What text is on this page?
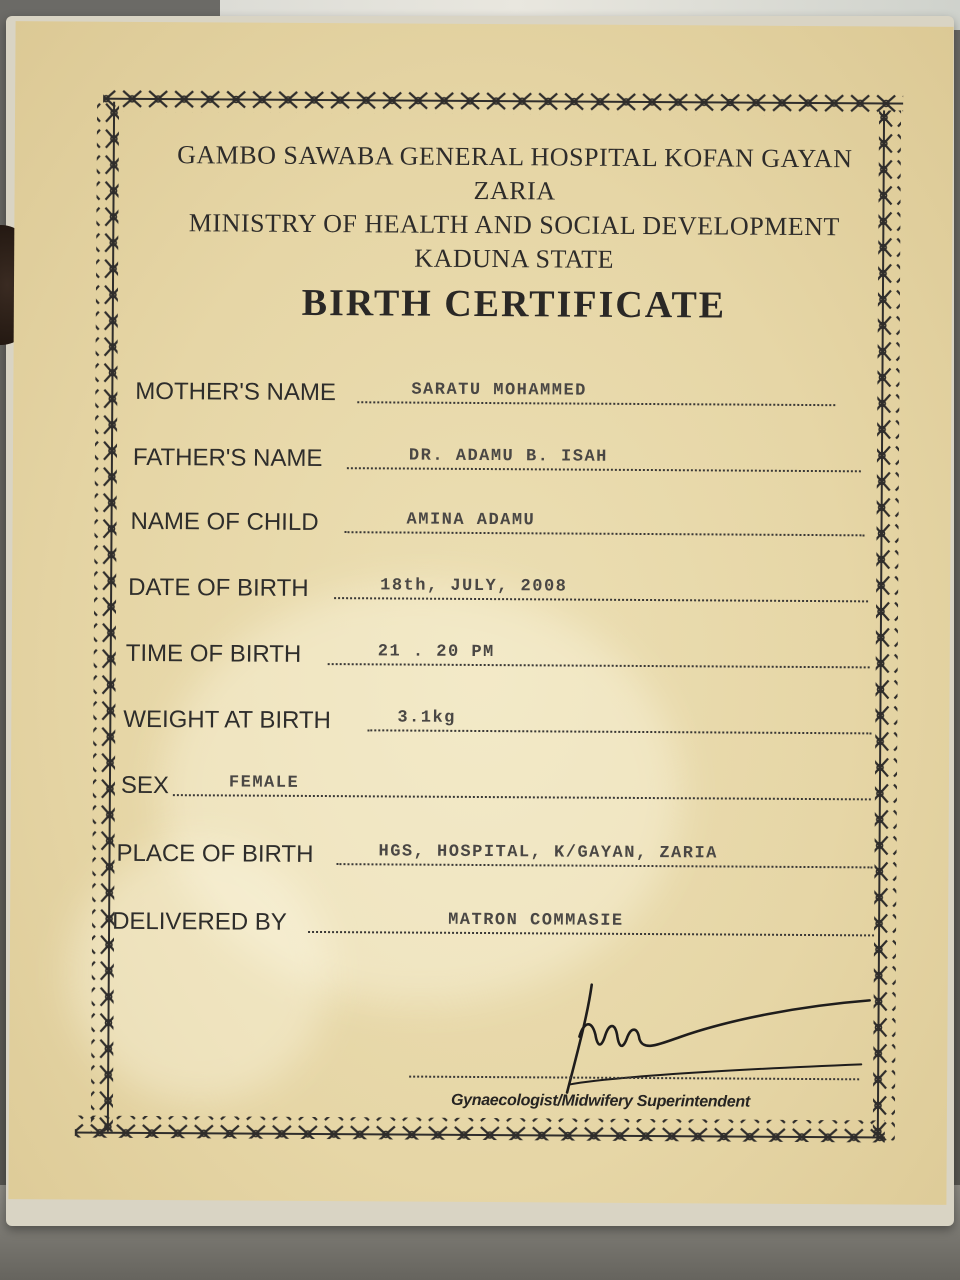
GAMBO SAWABA GENERAL HOSPITAL KOFAN GAYAN
ZARIA
MINISTRY OF HEALTH AND SOCIAL DEVELOPMENT
KADUNA STATE
BIRTH CERTIFICATE
MOTHER'S NAME	SARATU MOHAMMED
FATHER'S NAME	DR. ADAMU B. ISAH
NAME OF CHILD	AMINA ADAMU
DATE OF BIRTH	18th, JULY, 2008
TIME OF BIRTH	21 . 20 PM
WEIGHT AT BIRTH	3.1kg
SEX	FEMALE
PLACE OF BIRTH	HGS, HOSPITAL, K/GAYAN, ZARIA
DELIVERED BY	MATRON COMMASIE
Gynaecologist/Midwifery Superintendent
